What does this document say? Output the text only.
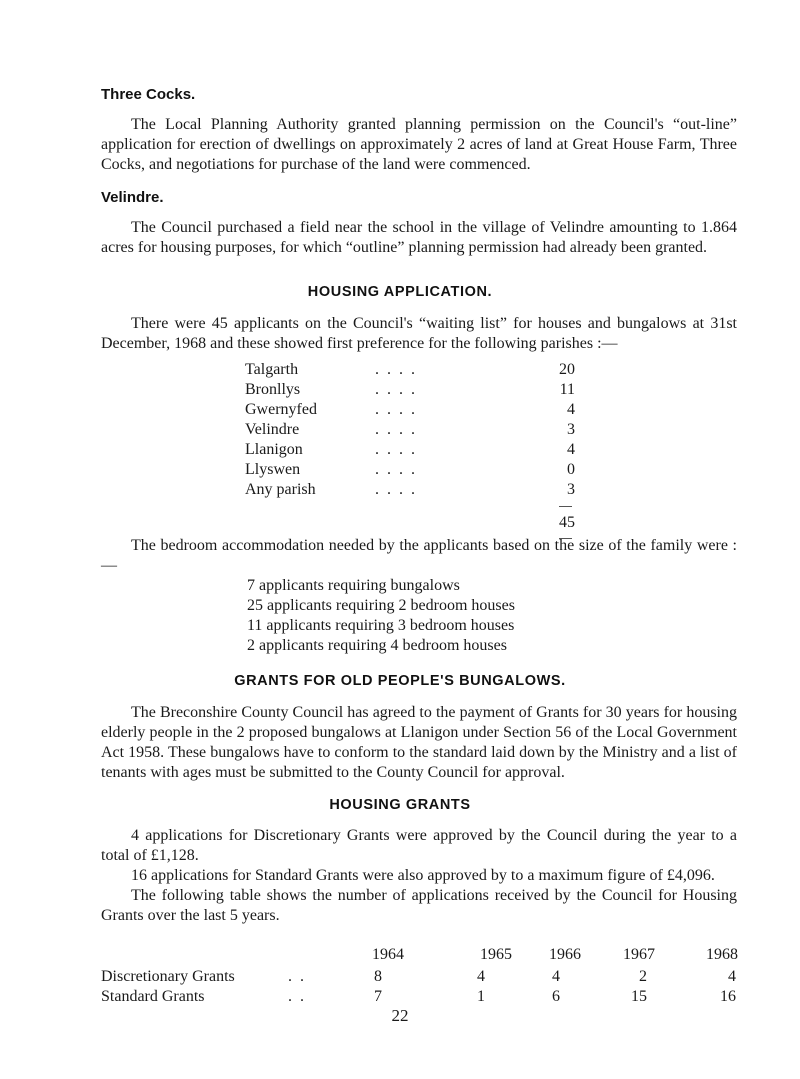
Three Cocks.

The Local Planning Authority granted planning permission on the Council's “out-line” application for erection of dwellings on approximately 2 acres of land at Great House Farm, Three Cocks, and negotiations for purchase of the land were commenced.

Velindre.

The Council purchased a field near the school in the village of Velindre amounting to 1.864 acres for housing purposes, for which “outline” planning permission had already been granted.

HOUSING APPLICATION.

There were 45 applicants on the Council's “waiting list” for houses and bungalows at 31st December, 1968 and these showed first preference for the following parishes :—

Talgarth	. . . .	20
Bronllys	. . . .	11
Gwernyfed	. . . .	4
Velindre	. . . .	3
Llanigon	. . . .	4
Llyswen	. . . .	0
Any parish	. . . .	3
45

The bedroom accommodation needed by the applicants based on the size of the family were :—

7 applicants requiring bungalows
25 applicants requiring 2 bedroom houses
11 applicants requiring 3 bedroom houses
2 applicants requiring 4 bedroom houses
GRANTS FOR OLD PEOPLE'S BUNGALOWS.

The Breconshire County Council has agreed to the payment of Grants for 30 years for housing elderly people in the 2 proposed bungalows at Llanigon under Section 56 of the Local Government Act 1958. These bungalows have to conform to the standard laid down by the Ministry and a list of tenants with ages must be submitted to the County Council for approval.

HOUSING GRANTS

4 applications for Discretionary Grants were approved by the Council during the year to a total of £1,128.

16 applications for Standard Grants were also approved by to a maximum figure of £4,096.

The following table shows the number of applications received by the Council for Housing Grants over the last 5 years.

1964	1965	1966	1967	1968
Discretionary Grants	. .	8	4	4	2	4
Standard Grants	. .	7	1	6	15	16
22
